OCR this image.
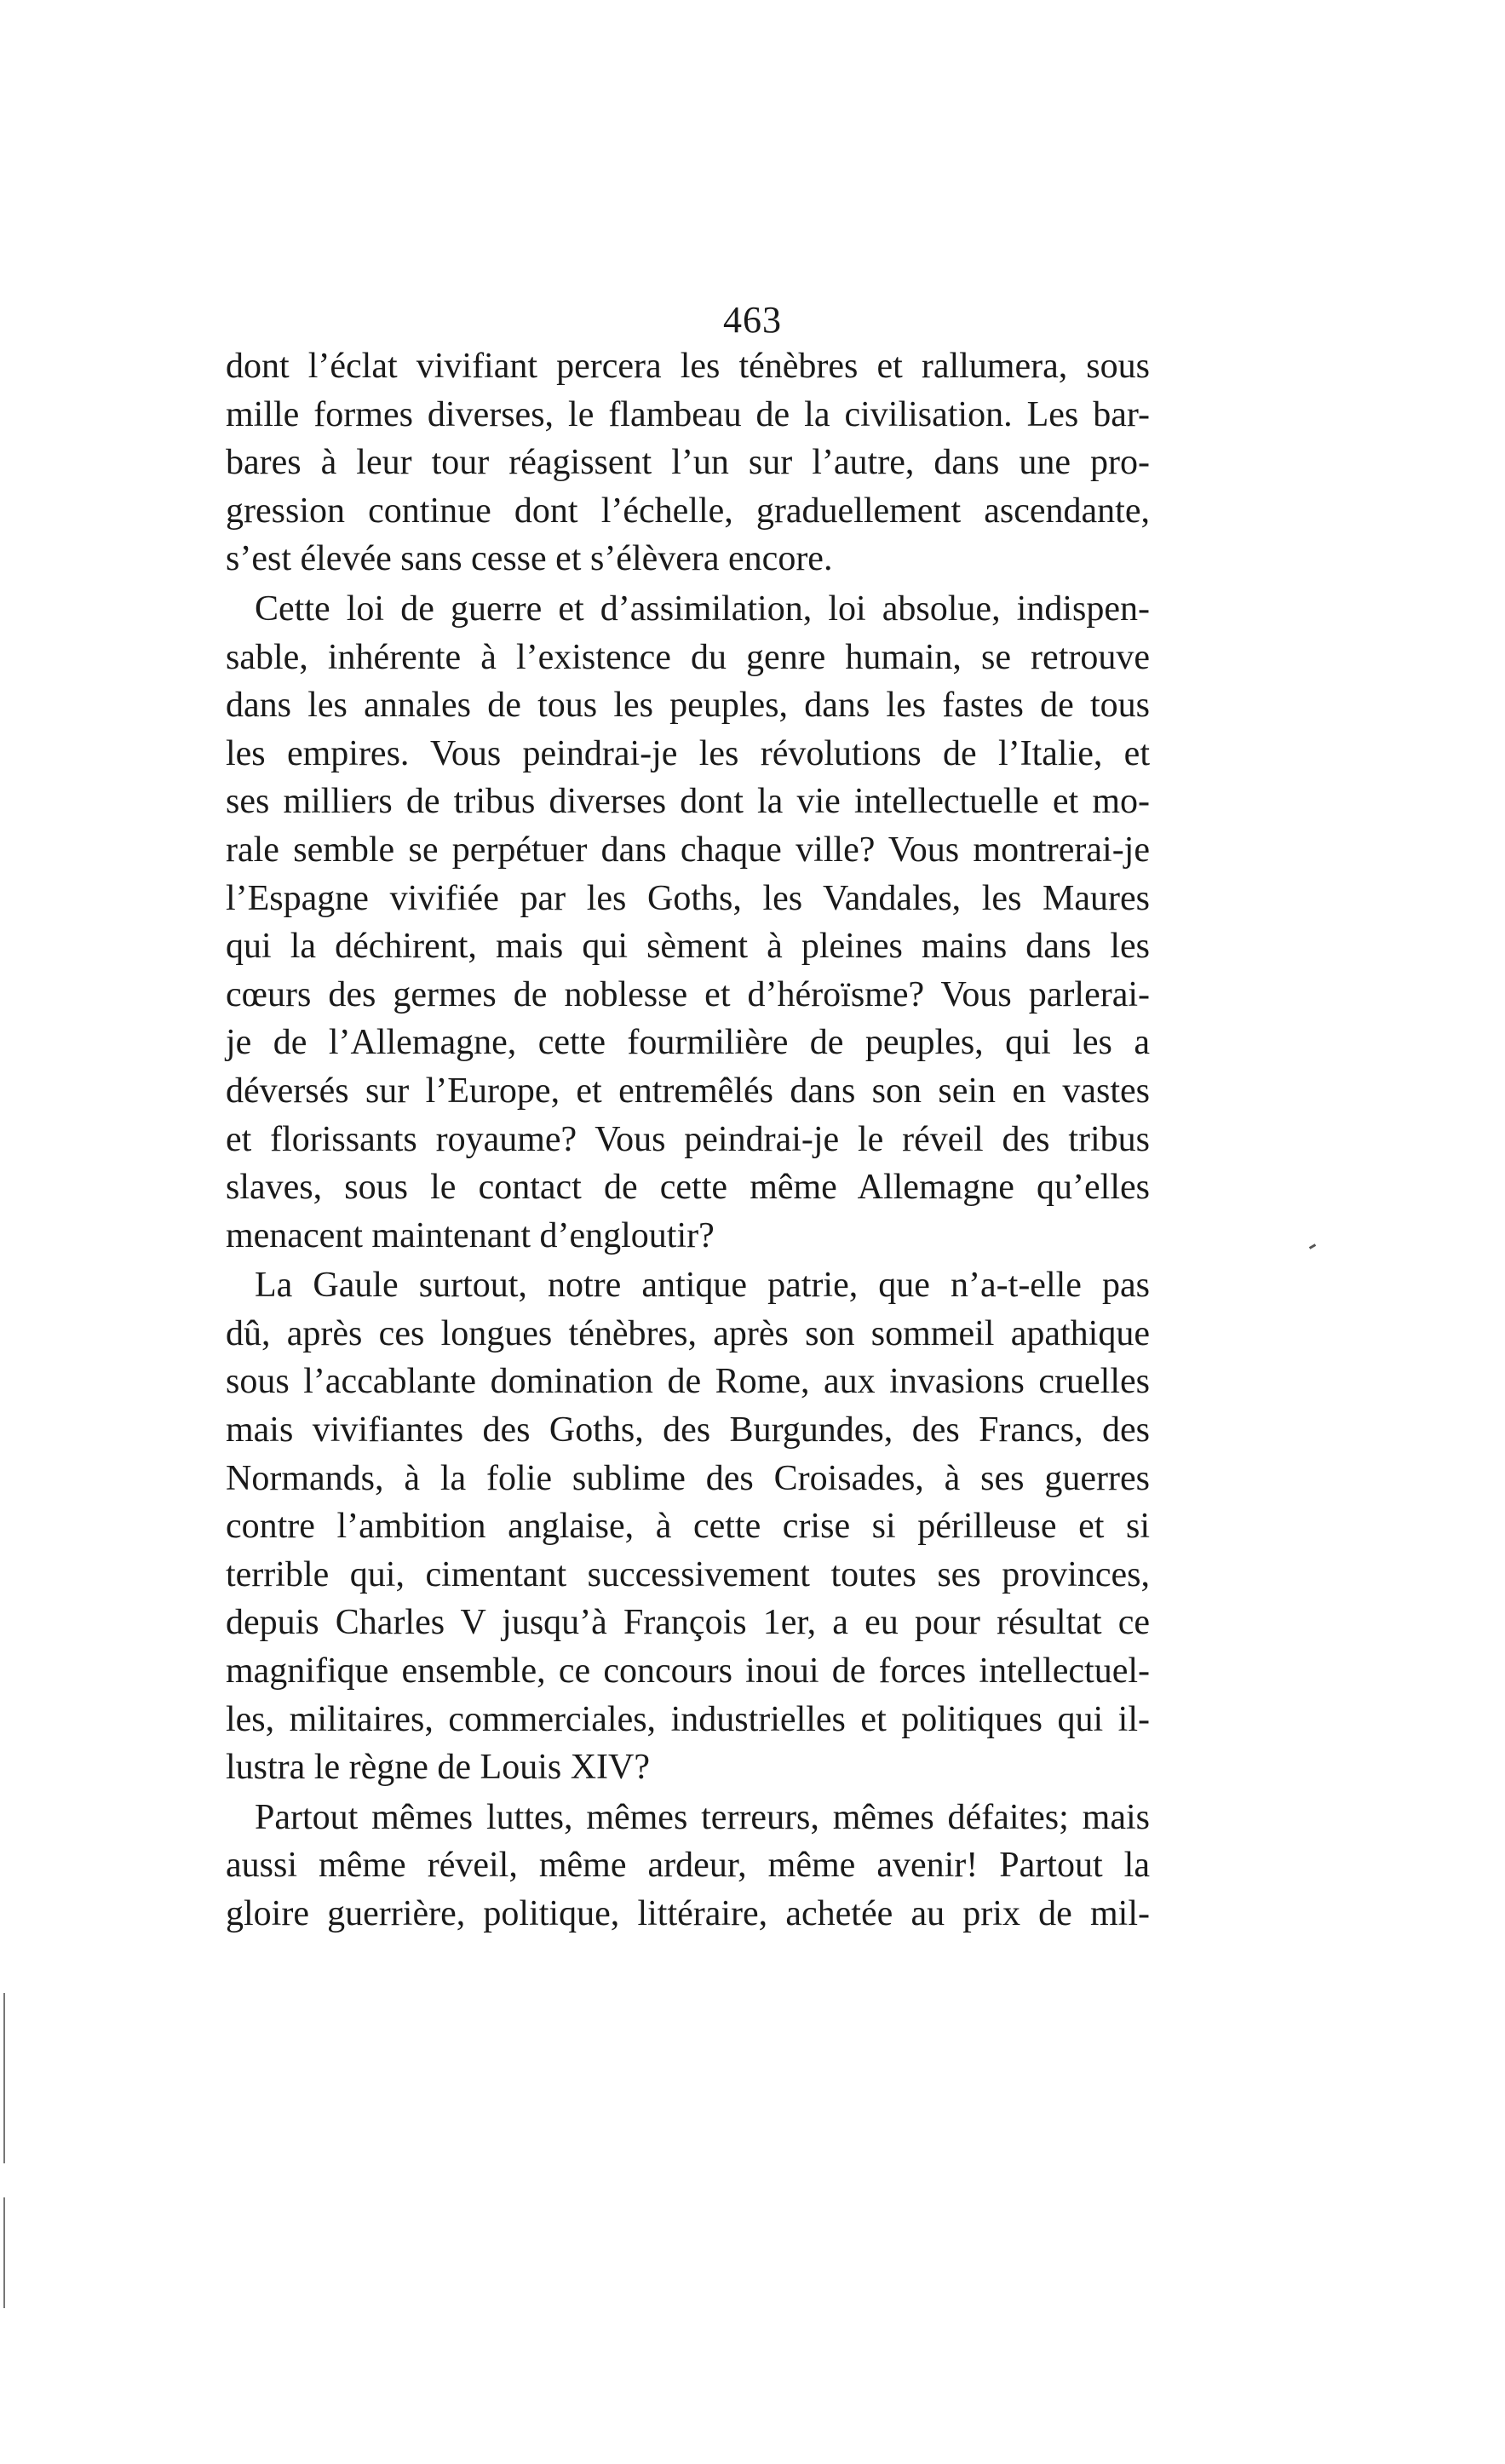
463
dont l’éclat vivifiant percera les ténèbres et rallumera, sous
mille formes diverses, le flambeau de la civilisation. Les bar-
bares à leur tour réagissent l’un sur l’autre, dans une pro-
gression continue dont l’échelle, graduellement ascendante,
s’est élevée sans cesse et s’élèvera encore.
Cette loi de guerre et d’assimilation, loi absolue, indispen-
sable, inhérente à l’existence du genre humain, se retrouve
dans les annales de tous les peuples, dans les fastes de tous
les empires. Vous peindrai-je les révolutions de l’Italie, et
ses milliers de tribus diverses dont la vie intellectuelle et mo-
rale semble se perpétuer dans chaque ville? Vous montrerai-je
l’Espagne vivifiée par les Goths, les Vandales, les Maures
qui la déchirent, mais qui sèment à pleines mains dans les
cœurs des germes de noblesse et d’héroïsme? Vous parlerai-
je de l’Allemagne, cette fourmilière de peuples, qui les a
déversés sur l’Europe, et entremêlés dans son sein en vastes
et florissants royaume? Vous peindrai-je le réveil des tribus
slaves, sous le contact de cette même Allemagne qu’elles
menacent maintenant d’engloutir?
La Gaule surtout, notre antique patrie, que n’a-t-elle pas
dû, après ces longues ténèbres, après son sommeil apathique
sous l’accablante domination de Rome, aux invasions cruelles
mais vivifiantes des Goths, des Burgundes, des Francs, des
Normands, à la folie sublime des Croisades, à ses guerres
contre l’ambition anglaise, à cette crise si périlleuse et si
terrible qui, cimentant successivement toutes ses provinces,
depuis Charles V jusqu’à François 1er, a eu pour résultat ce
magnifique ensemble, ce concours inoui de forces intellectuel-
les, militaires, commerciales, industrielles et politiques qui il-
lustra le règne de Louis XIV?
Partout mêmes luttes, mêmes terreurs, mêmes défaites; mais
aussi même réveil, même ardeur, même avenir! Partout la
gloire guerrière, politique, littéraire, achetée au prix de mil-
